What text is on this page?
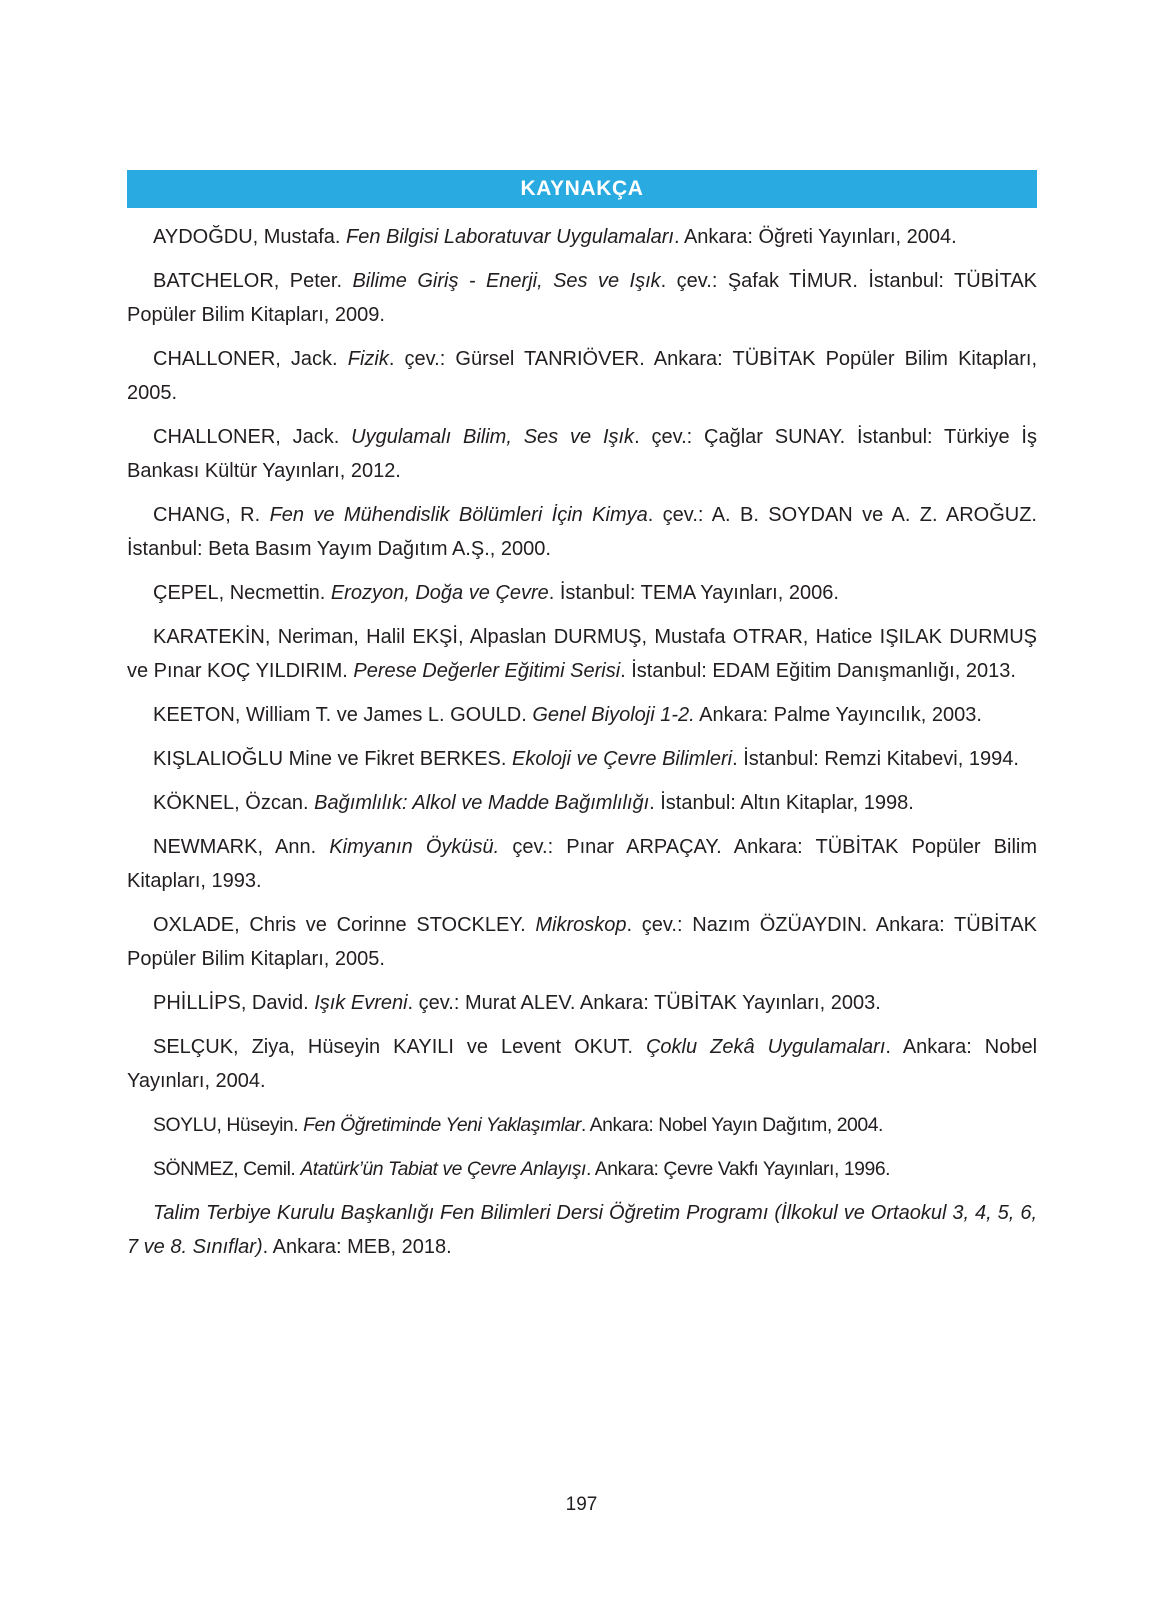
KAYNAKÇA

AYDOĞDU, Mustafa. Fen Bilgisi Laboratuvar Uygulamaları. Ankara: Öğreti Yayınları, 2004.

BATCHELOR, Peter. Bilime Giriş - Enerji, Ses ve Işık. çev.: Şafak TİMUR. İstanbul: TÜBİTAK Popüler Bilim Kitapları, 2009.

CHALLONER, Jack. Fizik. çev.: Gürsel TANRIÖVER. Ankara: TÜBİTAK Popüler Bilim Kitapları, 2005.

CHALLONER, Jack. Uygulamalı Bilim, Ses ve Işık. çev.: Çağlar SUNAY. İstanbul: Türkiye İş Bankası Kültür Yayınları, 2012.

CHANG, R. Fen ve Mühendislik Bölümleri İçin Kimya. çev.: A. B. SOYDAN ve A. Z. AROĞUZ. İstanbul: Beta Basım Yayım Dağıtım A.Ş., 2000.

ÇEPEL, Necmettin. Erozyon, Doğa ve Çevre. İstanbul: TEMA Yayınları, 2006.

KARATEKİN, Neriman, Halil EKŞİ, Alpaslan DURMUŞ, Mustafa OTRAR, Hatice IŞILAK DURMUŞ ve Pınar KOÇ YILDIRIM. Perese Değerler Eğitimi Serisi. İstanbul: EDAM Eğitim Danışmanlığı, 2013.

KEETON, William T. ve James L. GOULD. Genel Biyoloji 1-2. Ankara: Palme Yayıncılık, 2003.

KIŞLALIOĞLU Mine ve Fikret BERKES. Ekoloji ve Çevre Bilimleri. İstanbul: Remzi Kitabevi, 1994.

KÖKNEL, Özcan. Bağımlılık: Alkol ve Madde Bağımlılığı. İstanbul: Altın Kitaplar, 1998.

NEWMARK, Ann. Kimyanın Öyküsü. çev.: Pınar ARPAÇAY. Ankara: TÜBİTAK Popüler Bilim Kitapları, 1993.

OXLADE, Chris ve Corinne STOCKLEY. Mikroskop. çev.: Nazım ÖZÜAYDIN. Ankara: TÜBİTAK Popüler Bilim Kitapları, 2005.

PHİLLİPS, David. Işık Evreni. çev.: Murat ALEV. Ankara: TÜBİTAK Yayınları, 2003.

SELÇUK, Ziya, Hüseyin KAYILI ve Levent OKUT. Çoklu Zekâ Uygulamaları. Ankara: Nobel Yayınları, 2004.

SOYLU, Hüseyin. Fen Öğretiminde Yeni Yaklaşımlar. Ankara: Nobel Yayın Dağıtım, 2004.

SÖNMEZ, Cemil. Atatürk’ün Tabiat ve Çevre Anlayışı. Ankara: Çevre Vakfı Yayınları, 1996.

Talim Terbiye Kurulu Başkanlığı Fen Bilimleri Dersi Öğretim Programı (İlkokul ve Ortaokul 3, 4, 5, 6, 7 ve 8. Sınıflar). Ankara: MEB, 2018.

197
